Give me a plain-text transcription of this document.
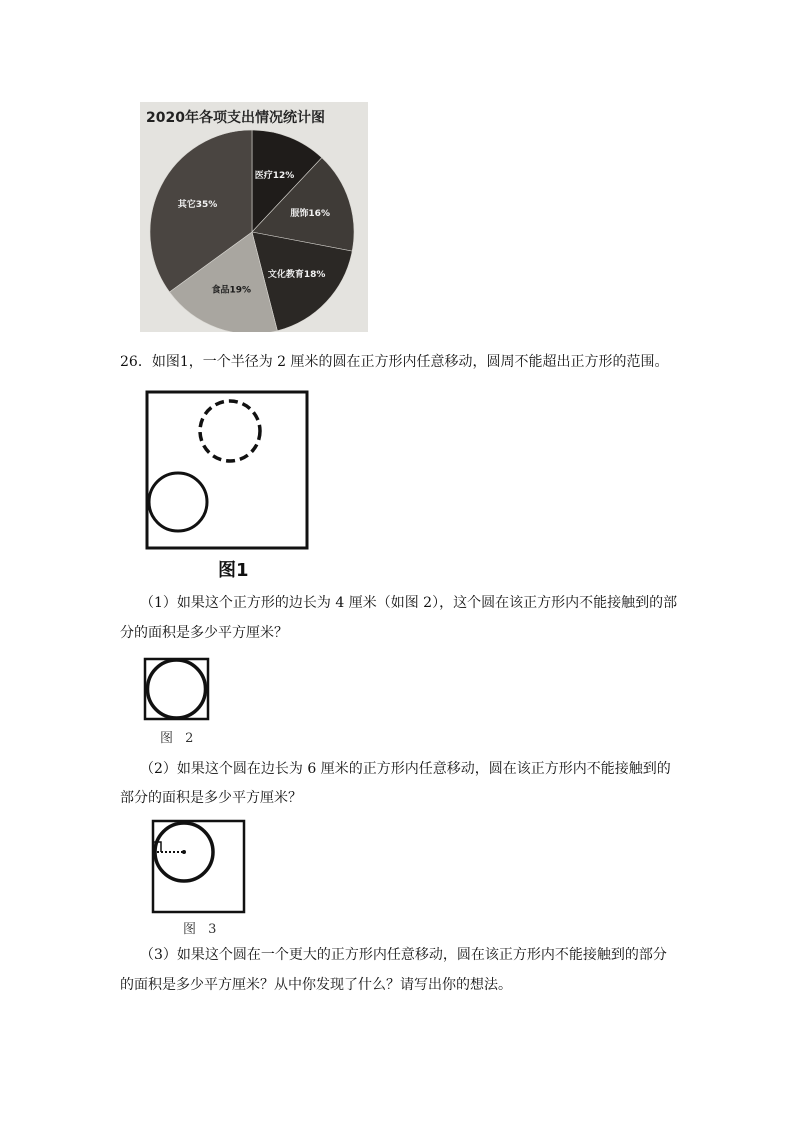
2020年各项支出情况统计图
医疗12%
服饰16%
文化教育18%
食品19%
其它35%
26．如图1，一个半径为 2 厘米的圆在正方形内任意移动，圆周不能超出正方形的范围。
图1
（1）如果这个正方形的边长为 4 厘米（如图 2），这个圆在该正方形内不能接触到的部
分的面积是多少平方厘米？
图 2
（2）如果这个圆在边长为 6 厘米的正方形内任意移动，圆在该正方形内不能接触到的
部分的面积是多少平方厘米？
图 3
（3）如果这个圆在一个更大的正方形内任意移动，圆在该正方形内不能接触到的部分
的面积是多少平方厘米？从中你发现了什么？请写出你的想法。
